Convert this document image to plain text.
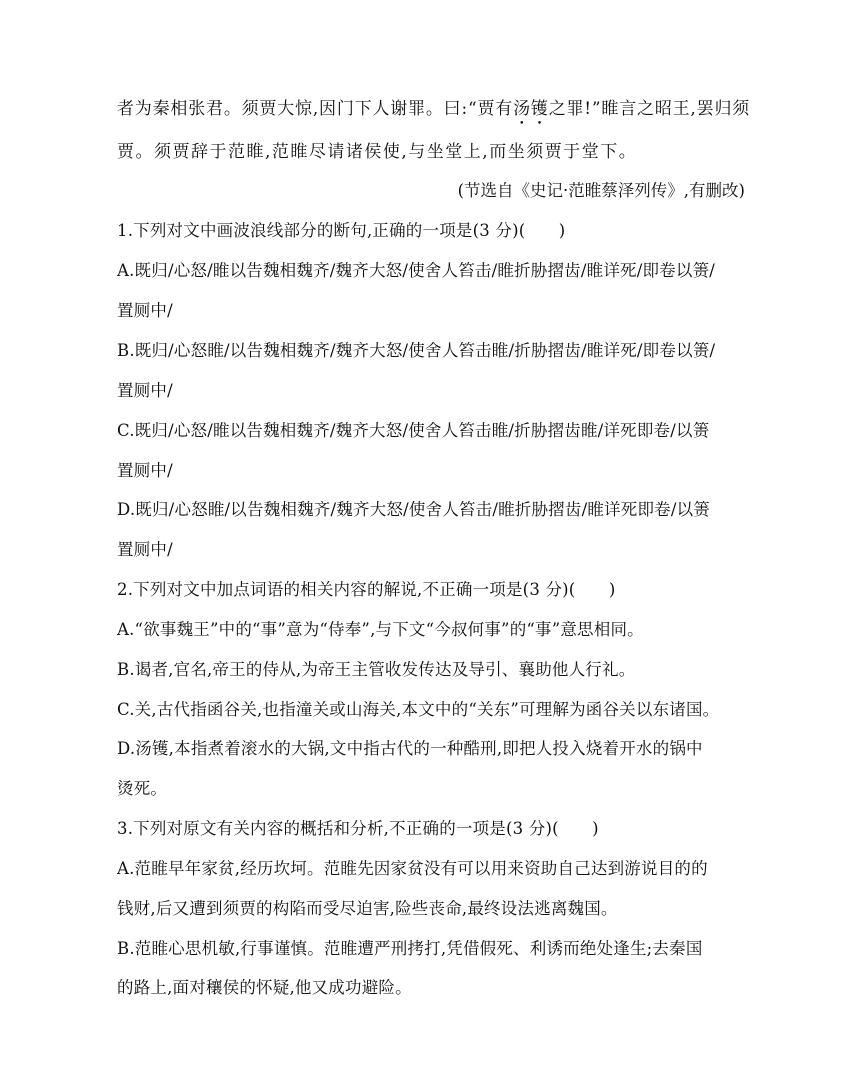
者为秦相张君。须贾大惊,因门下人谢罪。曰:“贾有汤镬之罪!”睢言之昭王,罢归须
贾。须贾辞于范睢,范睢尽请诸侯使,与坐堂上,而坐须贾于堂下。
(节选自《史记·范睢蔡泽列传》,有删改)
1.下列对文中画波浪线部分的断句,正确的一项是(3 分)(　　)
A.既归/心怒/睢以告魏相魏齐/魏齐大怒/使舍人笞击/睢折胁摺齿/睢详死/即卷以箦/
置厕中/
B.既归/心怒睢/以告魏相魏齐/魏齐大怒/使舍人笞击睢/折胁摺齿/睢详死/即卷以箦/
置厕中/
C.既归/心怒/睢以告魏相魏齐/魏齐大怒/使舍人笞击睢/折胁摺齿睢/详死即卷/以箦
置厕中/
D.既归/心怒睢/以告魏相魏齐/魏齐大怒/使舍人笞击/睢折胁摺齿/睢详死即卷/以箦
置厕中/
2.下列对文中加点词语的相关内容的解说,不正确一项是(3 分)(　　)
A.“欲事魏王”中的“事”意为“侍奉”,与下文“今叔何事”的“事”意思相同。
B.谒者,官名,帝王的侍从,为帝王主管收发传达及导引、襄助他人行礼。
C.关,古代指函谷关,也指潼关或山海关,本文中的“关东”可理解为函谷关以东诸国。
D.汤镬,本指煮着滚水的大锅,文中指古代的一种酷刑,即把人投入烧着开水的锅中
烫死。
3.下列对原文有关内容的概括和分析,不正确的一项是(3 分)(　　)
A.范睢早年家贫,经历坎坷。范睢先因家贫没有可以用来资助自己达到游说目的的
钱财,后又遭到须贾的构陷而受尽迫害,险些丧命,最终设法逃离魏国。
B.范睢心思机敏,行事谨慎。范睢遭严刑拷打,凭借假死、利诱而绝处逢生;去秦国
的路上,面对穰侯的怀疑,他又成功避险。
